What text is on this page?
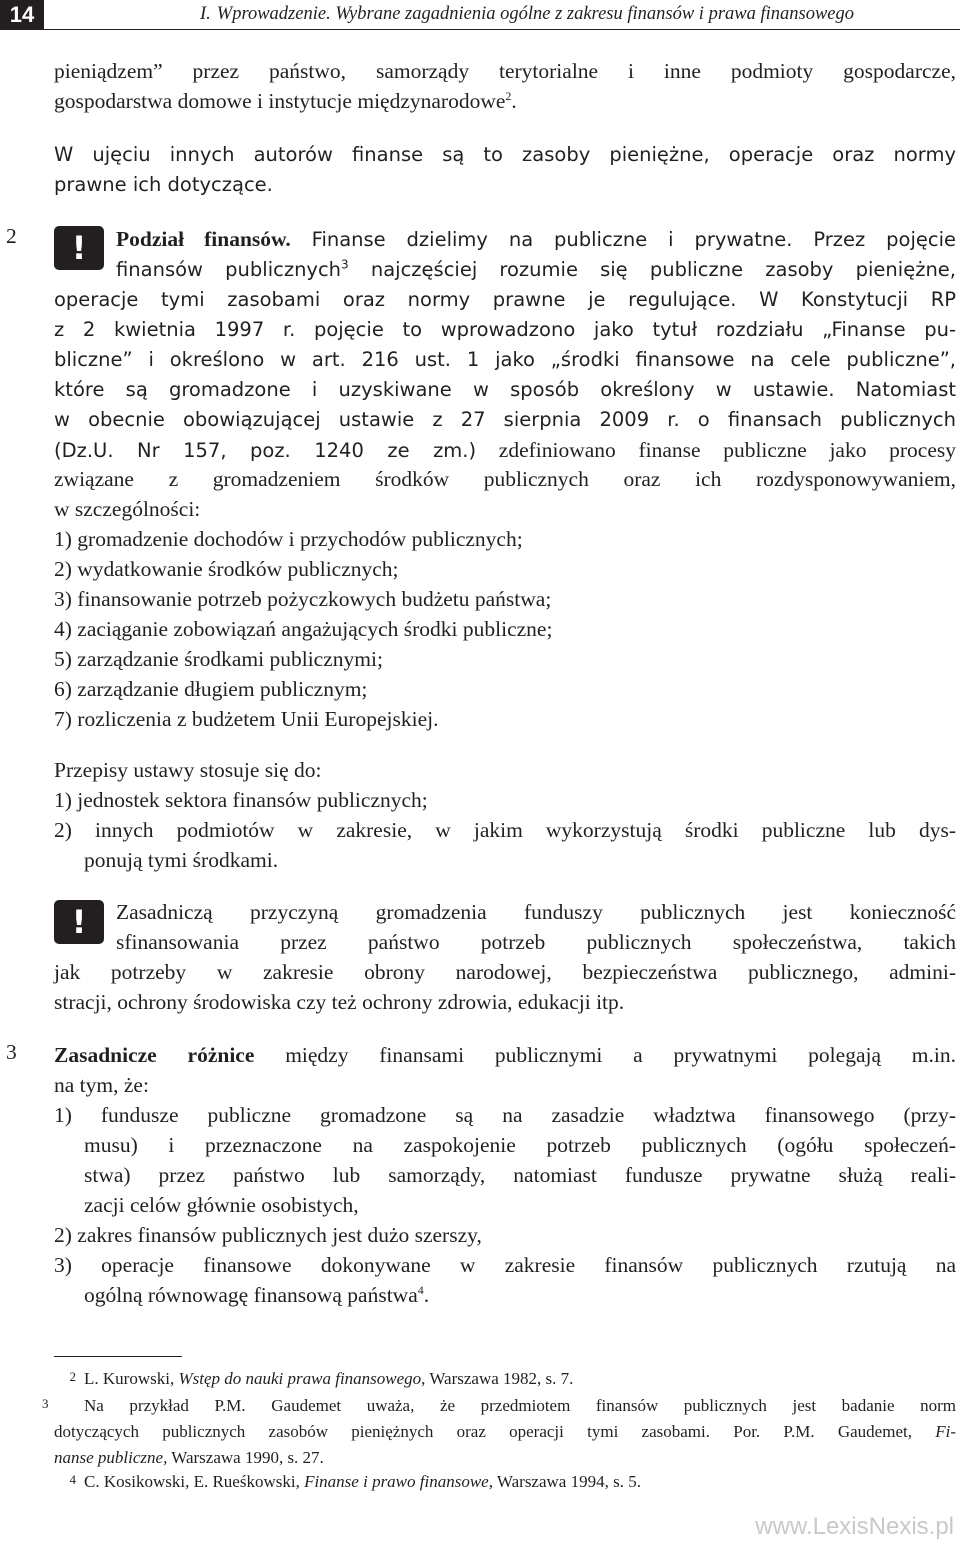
14	I. Wprowadzenie. Wybrane zagadnienia ogólne z zakresu finansów i prawa finansowego
pieniądzem” przez państwo, samorządy terytorialne i inne podmioty gospodarcze,
gospodarstwa domowe i instytucje międzynarodowe$^2$.
W ujęciu innych autorów finanse są to zasoby pieniężne, operacje oraz normy
prawne ich dotyczące.
2	!	Podział finansów. Finanse dzielimy na publiczne i prywatne. Przez pojęcie
finansów publicznych$^3$ najczęściej rozumie się publiczne zasoby pieniężne,
operacje tymi zasobami oraz normy prawne je regulujące. W Konstytucji RP
z 2 kwietnia 1997 r. pojęcie to wprowadzono jako tytuł rozdziału „Finanse pu-
bliczne” i określono w art. 216 ust. 1 jako „środki finansowe na cele publiczne”,
które są gromadzone i uzyskiwane w sposób określony w ustawie. Natomiast
w obecnie obowiązującej ustawie z 27 sierpnia 2009 r. o finansach publicznych
(Dz.U. Nr 157, poz. 1240 ze zm.) zdefiniowano finanse publiczne jako procesy
związane z gromadzeniem środków publicznych oraz ich rozdysponowywaniem,
w szczególności:
1) gromadzenie dochodów i przychodów publicznych;
2) wydatkowanie środków publicznych;
3) finansowanie potrzeb pożyczkowych budżetu państwa;
4) zaciąganie zobowiązań angażujących środki publiczne;
5) zarządzanie środkami publicznymi;
6) zarządzanie długiem publicznym;
7) rozliczenia z budżetem Unii Europejskiej.
Przepisy ustawy stosuje się do:
1) jednostek sektora finansów publicznych;
2) innych podmiotów w zakresie, w jakim wykorzystują środki publiczne lub dys-
ponują tymi środkami.
!	Zasadniczą przyczyną gromadzenia funduszy publicznych jest konieczność
sfinansowania przez państwo potrzeb publicznych społeczeństwa, takich
jak potrzeby w zakresie obrony narodowej, bezpieczeństwa publicznego, admini-
stracji, ochrony środowiska czy też ochrony zdrowia, edukacji itp.
3 Zasadnicze różnice między finansami publicznymi a prywatnymi polegają m.in.
na tym, że:
1) fundusze publiczne gromadzone są na zasadzie władztwa finansowego (przy-
musu) i przeznaczone na zaspokojenie potrzeb publicznych (ogółu społeczeń-
stwa) przez państwo lub samorządy, natomiast fundusze prywatne służą reali-
zacji celów głównie osobistych,
2) zakres finansów publicznych jest dużo szerszy,
3) operacje finansowe dokonywane w zakresie finansów publicznych rzutują na
ogólną równowagę finansową państwa$^4$.
2 L. Kurowski, Wstęp do nauki prawa finansowego, Warszawa 1982, s. 7.
3 Na przykład P.M. Gaudemet uważa, że przedmiotem finansów publicznych jest badanie norm
dotyczących publicznych zasobów pieniężnych oraz operacji tymi zasobami. Por. P.M. Gaudemet, Fi-
nanse publiczne, Warszawa 1990, s. 27.
4 C. Kosikowski, E. Rueśkowski, Finanse i prawo finansowe, Warszawa 1994, s. 5.
www.LexisNexis.pl
